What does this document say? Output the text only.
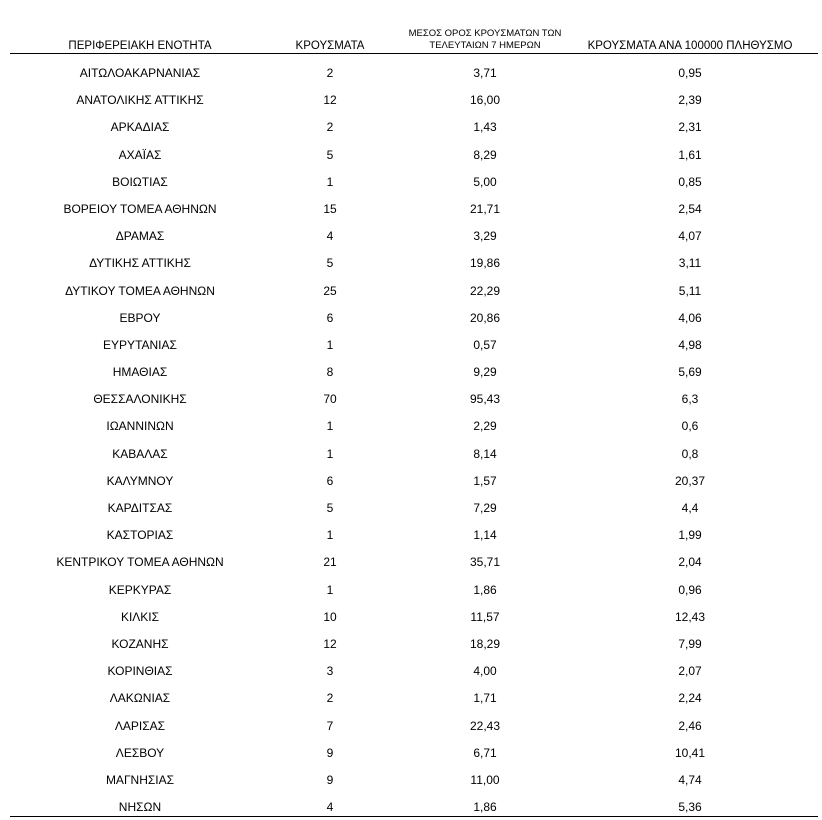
ΠΕΡΙΦΕΡΕΙΑΚΗ ΕΝΟΤΗΤΑ	ΚΡΟΥΣΜΑΤΑ
ΜΕΣΟΣ ΟΡΟΣ ΚΡΟΥΣΜΑΤΩΝ ΤΩΝ
ΤΕΛΕΥΤΑΙΩΝ 7 ΗΜΕΡΩΝ	ΚΡΟΥΣΜΑΤΑ ΑΝΑ 100000 ΠΛΗΘΥΣΜΟ
ΑΙΤΩΛΟΑΚΑΡΝΑΝΙΑΣ	2	3,71	0,95
ΑΝΑΤΟΛΙΚΗΣ ΑΤΤΙΚΗΣ	12	16,00	2,39
ΑΡΚΑΔΙΑΣ	2	1,43	2,31
ΑΧΑΪΑΣ	5	8,29	1,61
ΒΟΙΩΤΙΑΣ	1	5,00	0,85
ΒΟΡΕΙΟΥ ΤΟΜΕΑ ΑΘΗΝΩΝ	15	21,71	2,54
ΔΡΑΜΑΣ	4	3,29	4,07
ΔΥΤΙΚΗΣ ΑΤΤΙΚΗΣ	5	19,86	3,11
ΔΥΤΙΚΟΥ ΤΟΜΕΑ ΑΘΗΝΩΝ	25	22,29	5,11
ΕΒΡΟΥ	6	20,86	4,06
ΕΥΡΥΤΑΝΙΑΣ	1	0,57	4,98
ΗΜΑΘΙΑΣ	8	9,29	5,69
ΘΕΣΣΑΛΟΝΙΚΗΣ	70	95,43	6,3
ΙΩΑΝΝΙΝΩΝ	1	2,29	0,6
ΚΑΒΑΛΑΣ	1	8,14	0,8
ΚΑΛΥΜΝΟΥ	6	1,57	20,37
ΚΑΡΔΙΤΣΑΣ	5	7,29	4,4
ΚΑΣΤΟΡΙΑΣ	1	1,14	1,99
ΚΕΝΤΡΙΚΟΥ ΤΟΜΕΑ ΑΘΗΝΩΝ	21	35,71	2,04
ΚΕΡΚΥΡΑΣ	1	1,86	0,96
ΚΙΛΚΙΣ	10	11,57	12,43
ΚΟΖΑΝΗΣ	12	18,29	7,99
ΚΟΡΙΝΘΙΑΣ	3	4,00	2,07
ΛΑΚΩΝΙΑΣ	2	1,71	2,24
ΛΑΡΙΣΑΣ	7	22,43	2,46
ΛΕΣΒΟΥ	9	6,71	10,41
ΜΑΓΝΗΣΙΑΣ	9	11,00	4,74
ΝΗΣΩΝ	4	1,86	5,36
